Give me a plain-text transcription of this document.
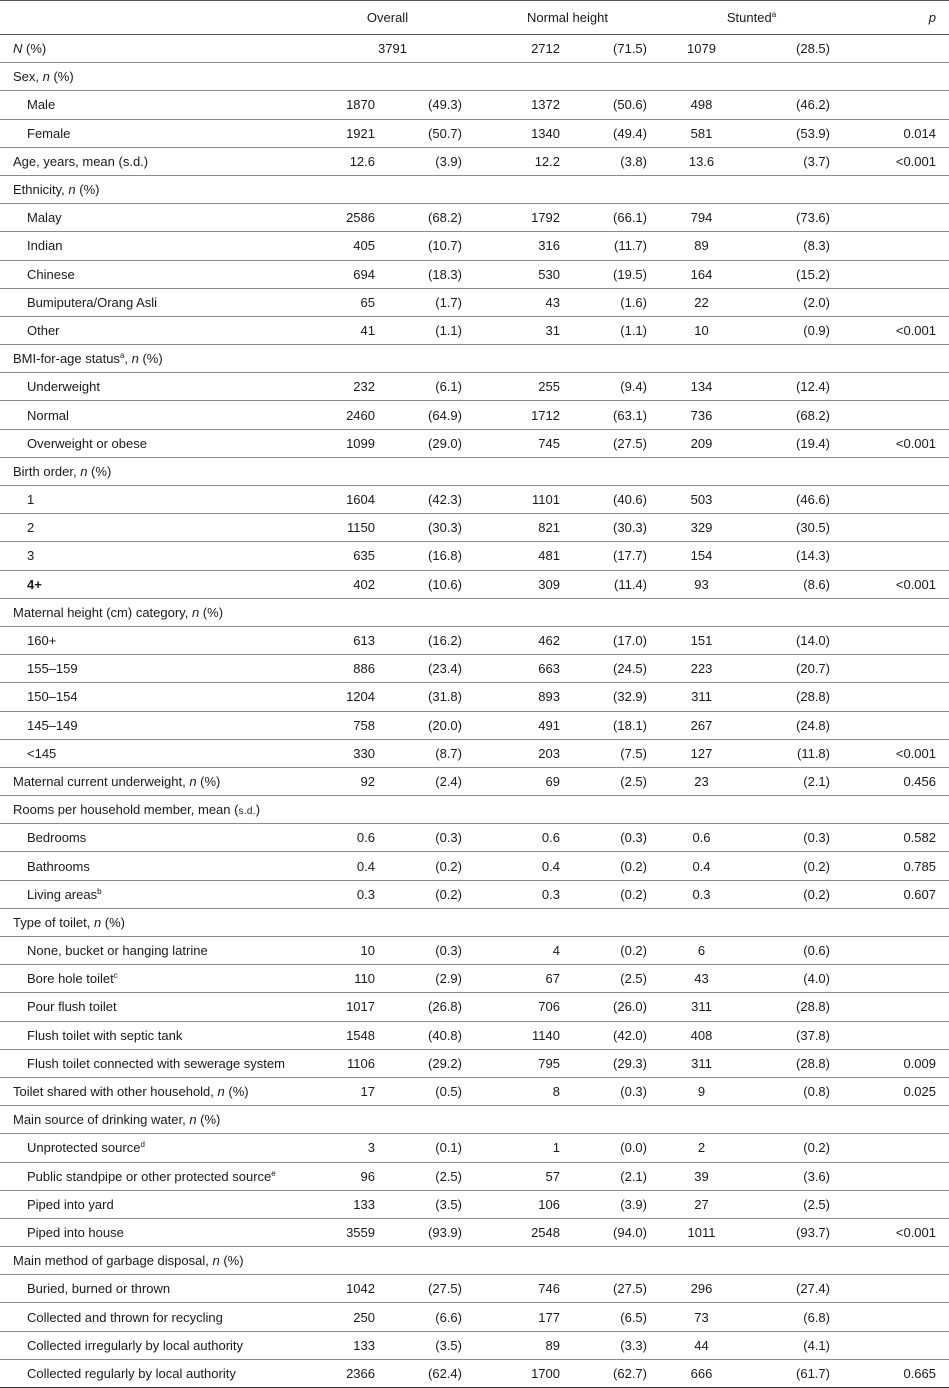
	Overall		Normal height		Stunted$^a$		p
N (%)	3791		2712	(71.5)	1079	(28.5)	
Sex, n (%)							
Male	1870	(49.3)	1372	(50.6)	498	(46.2)	
Female	1921	(50.7)	1340	(49.4)	581	(53.9)	0.014
Age, years, mean (s.d.)	12.6	(3.9)	12.2	(3.8)	13.6	(3.7)	<0.001
Ethnicity, n (%)							
Malay	2586	(68.2)	1792	(66.1)	794	(73.6)	
Indian	405	(10.7)	316	(11.7)	89	(8.3)	
Chinese	694	(18.3)	530	(19.5)	164	(15.2)	
Bumiputera/Orang Asli	65	(1.7)	43	(1.6)	22	(2.0)	
Other	41	(1.1)	31	(1.1)	10	(0.9)	<0.001
BMI-for-age status$^a$, n (%)							
Underweight	232	(6.1)	255	(9.4)	134	(12.4)	
Normal	2460	(64.9)	1712	(63.1)	736	(68.2)	
Overweight or obese	1099	(29.0)	745	(27.5)	209	(19.4)	<0.001
Birth order, n (%)							
1	1604	(42.3)	1101	(40.6)	503	(46.6)	
2	1150	(30.3)	821	(30.3)	329	(30.5)	
3	635	(16.8)	481	(17.7)	154	(14.3)	
4+	402	(10.6)	309	(11.4)	93	(8.6)	<0.001
Maternal height (cm) category, n (%)							
160+	613	(16.2)	462	(17.0)	151	(14.0)	
155–159	886	(23.4)	663	(24.5)	223	(20.7)	
150–154	1204	(31.8)	893	(32.9)	311	(28.8)	
145–149	758	(20.0)	491	(18.1)	267	(24.8)	
<145	330	(8.7)	203	(7.5)	127	(11.8)	<0.001
Maternal current underweight, n (%)	92	(2.4)	69	(2.5)	23	(2.1)	0.456
Rooms per household member, mean (s.d.)							
Bedrooms	0.6	(0.3)	0.6	(0.3)	0.6	(0.3)	0.582
Bathrooms	0.4	(0.2)	0.4	(0.2)	0.4	(0.2)	0.785
Living areas$^b$	0.3	(0.2)	0.3	(0.2)	0.3	(0.2)	0.607
Type of toilet, n (%)							
None, bucket or hanging latrine	10	(0.3)	4	(0.2)	6	(0.6)	
Bore hole toilet$^c$	110	(2.9)	67	(2.5)	43	(4.0)	
Pour flush toilet	1017	(26.8)	706	(26.0)	311	(28.8)	
Flush toilet with septic tank	1548	(40.8)	1140	(42.0)	408	(37.8)	
Flush toilet connected with sewerage system	1106	(29.2)	795	(29.3)	311	(28.8)	0.009
Toilet shared with other household, n (%)	17	(0.5)	8	(0.3)	9	(0.8)	0.025
Main source of drinking water, n (%)							
Unprotected source$^d$	3	(0.1)	1	(0.0)	2	(0.2)	
Public standpipe or other protected source$^e$	96	(2.5)	57	(2.1)	39	(3.6)	
Piped into yard	133	(3.5)	106	(3.9)	27	(2.5)	
Piped into house	3559	(93.9)	2548	(94.0)	1011	(93.7)	<0.001
Main method of garbage disposal, n (%)							
Buried, burned or thrown	1042	(27.5)	746	(27.5)	296	(27.4)	
Collected and thrown for recycling	250	(6.6)	177	(6.5)	73	(6.8)	
Collected irregularly by local authority	133	(3.5)	89	(3.3)	44	(4.1)	
Collected regularly by local authority	2366	(62.4)	1700	(62.7)	666	(61.7)	0.665
